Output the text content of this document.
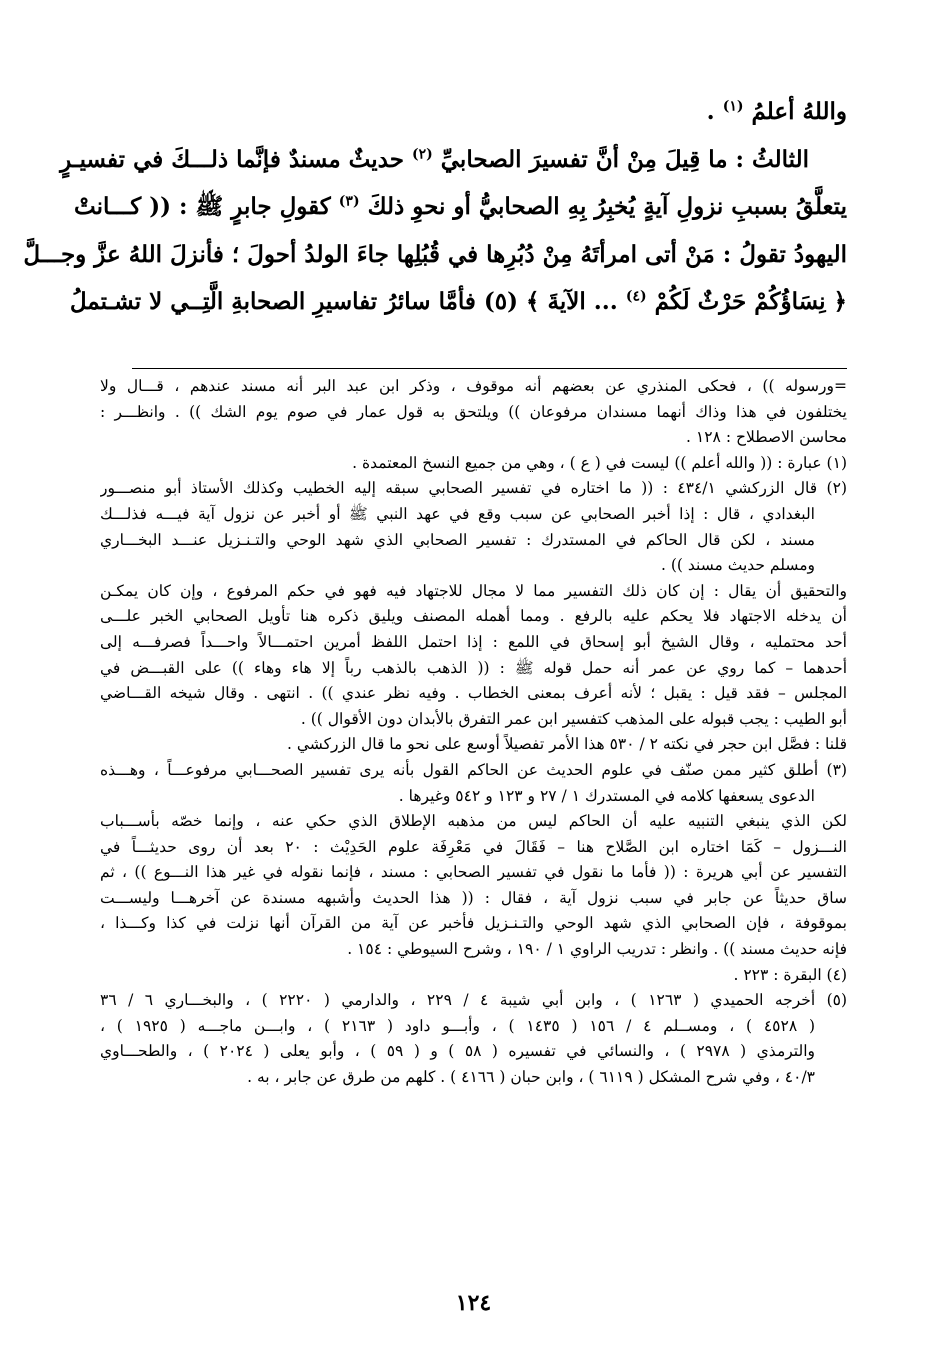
واللهُ أعلمُ $^{(١)}$ .
الثالثُ : ما قِيلَ مِنْ أنَّ تفسيرَ الصحابيِّ $^{(٢)}$ حديثٌ مسندٌ فإنَّما ذلـــكَ في تفسيـرٍ
يتعلَّقُ بسببِ نزولِ آيةٍ يُخبِرُ بِهِ الصحابيُّ أو نحوِ ذلكَ $^{(٣)}$ كقولِ جابرٍ ﷺ : (( كـــانتْ
اليهودُ تقولُ : مَنْ أتى امرأتَهُ مِنْ دُبُرِها في قُبُلِها جاءَ الولدُ أحولَ ؛ فأنزلَ اللهُ عزَّ وجـــلَّ
﴿ نِسَاؤُكُمْ حَرْثٌ لَكُمْ $^{(٤)}$ ... الآيةَ ﴾ (٥) فأمَّا سائرُ تفاسيرِ الصحابةِ الَّتِــي لا تشـتملُ
=ورسوله )) ، فحكى المنذري عن بعضهم أنه موقوف ، وذكر ابن عبد البر أنه مسند عندهم ، قـــال ولا
يختلفون في هذا وذاك أنهما مسندان مرفوعان )) ويلتحق به قول عمار في صوم يوم الشك )) . وانظـــر :
محاسن الاصطلاح : ١٢٨ .
(١) عبارة : (( والله أعلم )) ليست في ( ع ) ، وهي من جميع النسخ المعتمدة .
(٢) قال الزركشي ٤٣٤/١ : (( ما اختاره في تفسير الصحابي سبقه إليه الخطيب وكذلك الأستاذ أبو منصـــور
البغدادي ، قال : إذا أخبر الصحابي عن سبب وقع في عهد النبي ﷺ أو أخبر عن نزول آية فيـــه فذلـــك
مسند ، لكن قال الحاكم في المستدرك : تفسير الصحابي الذي شهد الوحي والتـنـزيل عنـــد البخـــاري
ومسلم حديث مسند )) .
والتحقيق أن يقال : إن كان ذلك التفسير مما لا مجال للاجتهاد فيه فهو في حكم المرفوع ، وإن كان يمكـن
أن يدخله الاجتهاد فلا يحكم عليه بالرفع . ومما أهمله المصنف ويليق ذكره هنا تأويل الصحابي الخبر علـــى
أحد محتمليه ، وقال الشيخ أبو إسحاق في اللمع : إذا احتمل اللفظ أمرين احتمـــالاً واحـــداً فصرفـــه إلى
أحدهما – كما روي عن عمر أنه حمل قوله ﷺ : (( الذهب بالذهب رباً إلا هاء وهاء )) على القبـــض في
المجلس – فقد قيل : يقبل ؛ لأنه أعرف بمعنى الخطاب . وفيه نظر عندي )) . انتهى . وقال شيخه القـــاضي
أبو الطيب : يجب قبوله على المذهب كتفسير ابن عمر التفرق بالأبدان دون الأقوال )) .
قلنا : فصَّل ابن حجر في نكته ٢ / ٥٣٠ هذا الأمر تفصيلاً أوسع على نحو ما قال الزركشي .
(٣) أطلق كثير ممن صنّف في علوم الحديث عن الحاكم القول بأنه يرى تفسير الصحـــابي مرفوعـــاً ، وهـــذه
الدعوى يسعفها كلامه في المستدرك ١ / ٢٧ و ١٢٣ و ٥٤٢ وغيرها .
لكن الذي ينبغي التنبيه عليه أن الحاكم ليس من مذهبه الإطلاق الذي حكي عنه ، وإنما خصّه بأســـباب
النـــزول – كَمَا اختاره ابن الصَّلاح هنا – فَقَالَ في مَعْرِفَة علوم الحَدِيْث : ٢٠ بعد أن روى حديثـــاً في
التفسير عن أبي هريرة : (( فأما ما نقول في تفسير الصحابي : مسند ، فإنما نقوله في غير هذا النـــوع )) ، ثم
ساق حديثاً عن جابر في سبب نزول آية ، فقال : (( هذا الحديث وأشبهه مسندة عن آخرهـــا وليســـت
بموقوفة ، فإن الصحابي الذي شهد الوحي والتـنـزيل فأخبر عن آية من القرآن أنها نزلت في كذا وكـــذا ،
فإنه حديث مسند )) . وانظر : تدريب الراوي ١ / ١٩٠ ، وشرح السيوطي : ١٥٤ .
(٤) البقرة : ٢٢٣ .
(٥) أخرجه الحميدي ( ١٢٦٣ ) ، وابن أبي شيبة ٤ / ٢٢٩ ، والدارمي ( ٢٢٢٠ ) ، والبخـــاري ٦ / ٣٦
( ٤٥٢٨ ) ، ومســلم ٤ / ١٥٦ ( ١٤٣٥ ) ، وأبـــو داود ( ٢١٦٣ ) ، وابـــن ماجـــه ( ١٩٢٥ ) ،
والترمذي ( ٢٩٧٨ ) ، والنسائي في تفسيره ( ٥٨ ) و ( ٥٩ ) ، وأبو يعلى ( ٢٠٢٤ ) ، والطحـــاوي
٤٠/٣ ، وفي شرح المشكل ( ٦١١٩ ) ، وابن حبان ( ٤١٦٦ ) . كلهم من طرق عن جابر ، به .
١٢٤
